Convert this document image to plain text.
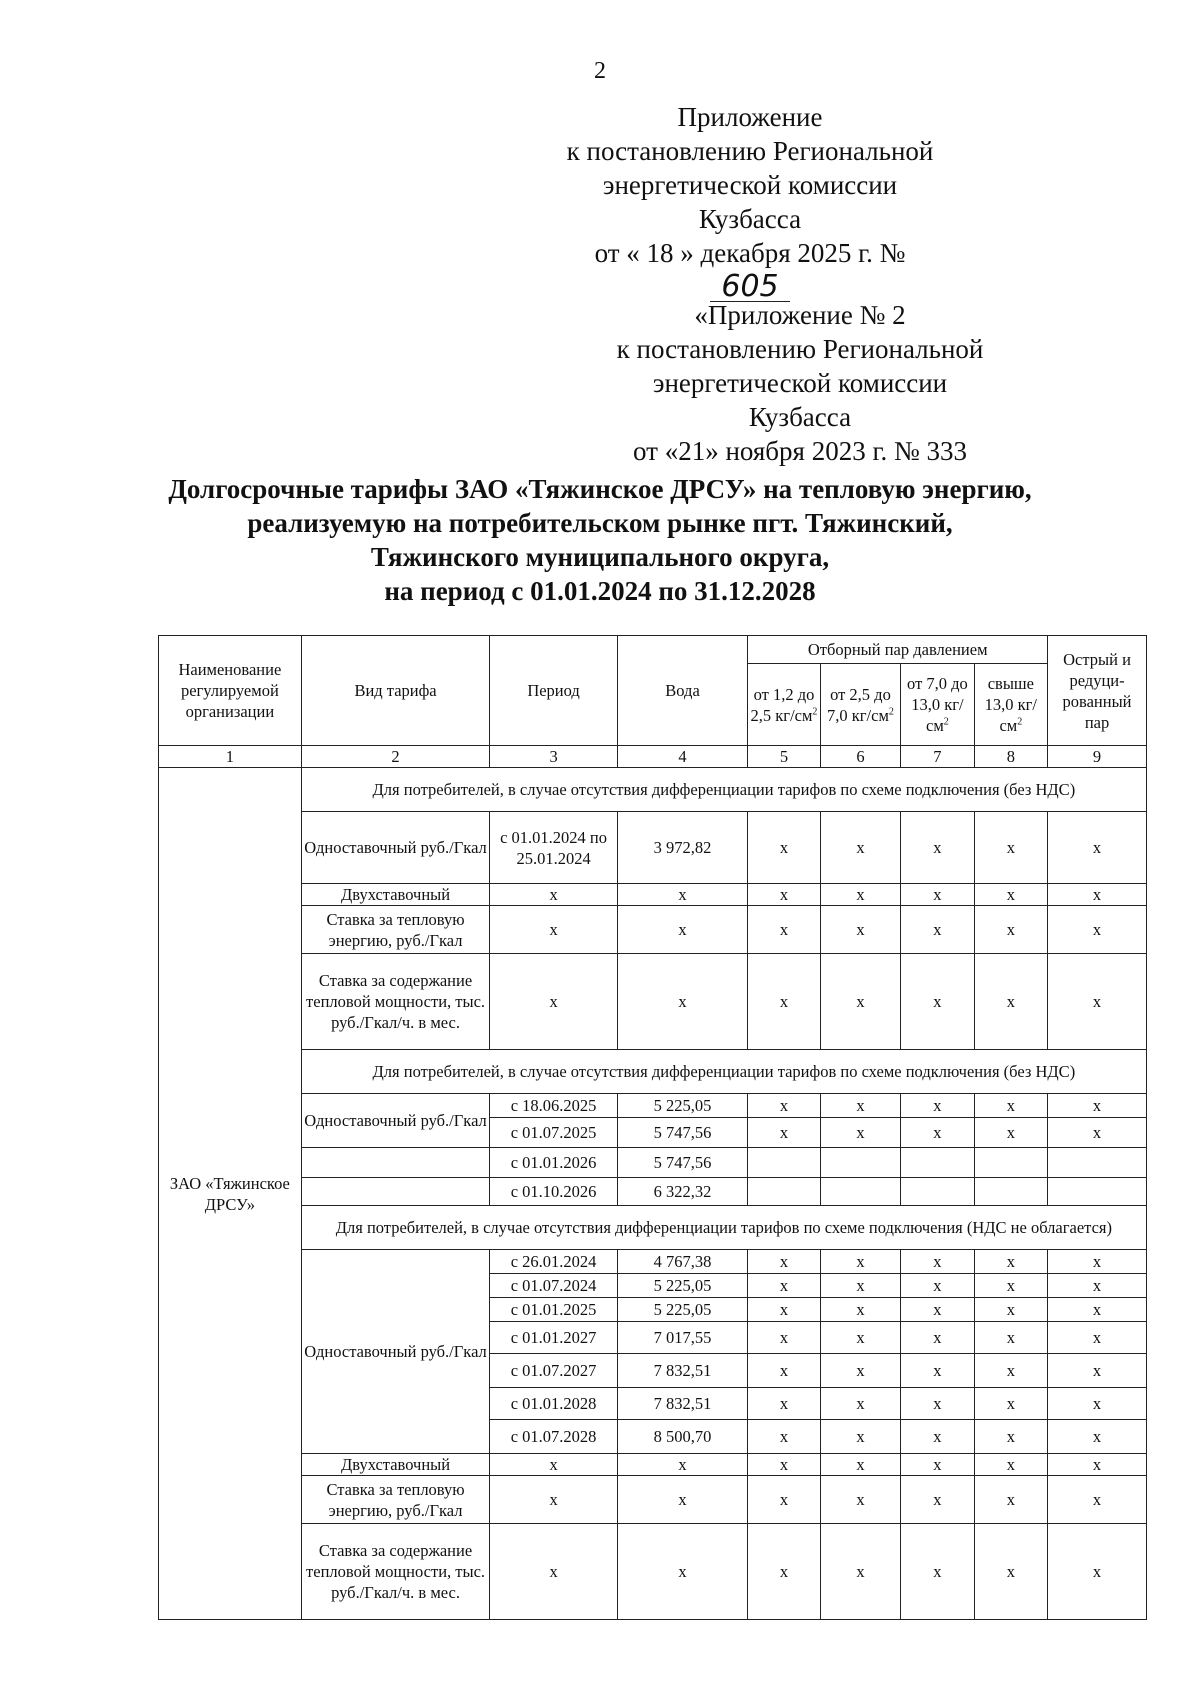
2
Приложение
к постановлению Региональной
энергетической комиссии
Кузбасса
от « 18 » декабря 2025 г. № 605
«Приложение № 2
к постановлению Региональной
энергетической комиссии Кузбасса
от «21» ноября 2023 г. № 333
Долгосрочные тарифы ЗАО «Тяжинское ДРСУ» на тепловую энергию,
реализуемую на потребительском рынке пгт. Тяжинский,
Тяжинского муниципального округа,
на период с 01.01.2024 по 31.12.2028
Наименование регулируемой организации	Вид тарифа	Период	Вода	Отборный пар давлением				Острый и редуци-рованный пар
				от 1,2 до 2,5 $кг/см^2$	от 2,5 до 7,0 $кг/см^2$	от 7,0 до 13,0 $кг/см^2$	свыше 13,0 $кг/см^2$
1	2	3	4	5	6	7	8	9
ЗАО «Тяжинское ДРСУ»	Для потребителей, в случае отсутствия дифференциации тарифов по схеме подключения (без НДС)							
	Одноставочный руб./Гкал	с 01.01.2024 по 25.01.2024	3 972,82	x	x	x	x	x
	Двухставочный	x	x	x	x	x	x	x
	Ставка за тепловую энергию, руб./Гкал	x	x	x	x	x	x	x
	Ставка за содержание тепловой мощности, тыс. руб./Гкал/ч. в мес.	x	x	x	x	x	x	x
	Для потребителей, в случае отсутствия дифференциации тарифов по схеме подключения (без НДС)							
	Одноставочный руб./Гкал	с 18.06.2025	5 225,05	x	x	x	x	x
		с 01.07.2025	5 747,56	x	x	x	x	x
		с 01.01.2026	5 747,56					
		с 01.10.2026	6 322,32					
	Для потребителей, в случае отсутствия дифференциации тарифов по схеме подключения (НДС не облагается)							
	Одноставочный руб./Гкал	с 26.01.2024	4 767,38	x	x	x	x	x
		с 01.07.2024	5 225,05	x	x	x	x	x
		с 01.01.2025	5 225,05	x	x	x	x	x
		с 01.01.2027	7 017,55	x	x	x	x	x
		с 01.07.2027	7 832,51	x	x	x	x	x
		с 01.01.2028	7 832,51	x	x	x	x	x
		с 01.07.2028	8 500,70	x	x	x	x	x
	Двухставочный	x	x	x	x	x	x	x
	Ставка за тепловую энергию, руб./Гкал	x	x	x	x	x	x	x
	Ставка за содержание тепловой мощности, тыс. руб./Гкал/ч. в мес.	x	x	x	x	x	x	x
